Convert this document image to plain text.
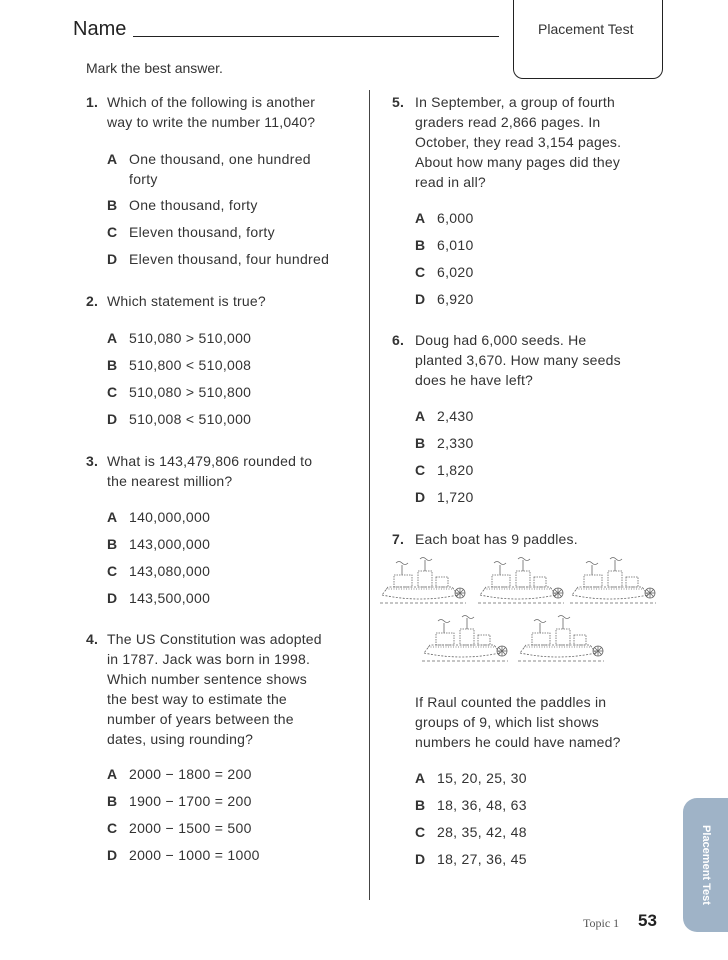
Name	Placement Test
Mark the best answer.
1. Which of the following is another
way to write the number 11,040?
A One thousand, one hundred
forty
B One thousand, forty
C Eleven thousand, forty
D Eleven thousand, four hundred
2. Which statement is true?
A 510,080 > 510,000
B 510,800 < 510,008
C 510,080 > 510,800
D 510,008 < 510,000
3. What is 143,479,806 rounded to
the nearest million?
A 140,000,000
B 143,000,000
C 143,080,000
D 143,500,000
4. The US Constitution was adopted
in 1787. Jack was born in 1998.
Which number sentence shows
the best way to estimate the
number of years between the
dates, using rounding?
A 2000 − 1800 = 200
B 1900 − 1700 = 200
C 2000 − 1500 = 500
D 2000 − 1000 = 1000
5. In September, a group of fourth
graders read 2,866 pages. In
October, they read 3,154 pages.
About how many pages did they
read in all?
A 6,000
B 6,010
C 6,020
D 6,920
6. Doug had 6,000 seeds. He
planted 3,670. How many seeds
does he have left?
A 2,430
B 2,330
C 1,820
D 1,720
7. Each boat has 9 paddles.
If Raul counted the paddles in
groups of 9, which list shows
numbers he could have named?
A 15, 20, 25, 30
B 18, 36, 48, 63
C 28, 35, 42, 48
D 18, 27, 36, 45	Placement Test
Topic 1 53
